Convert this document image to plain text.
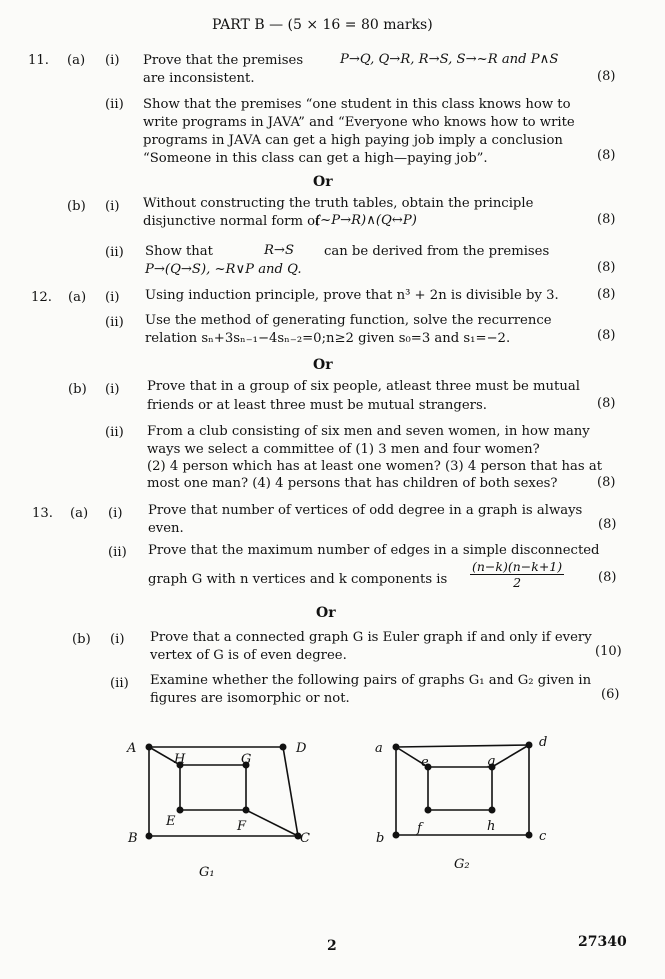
PART B — (5 × 16 = 80 marks)
11. (a) (i) Prove that the premises	P→Q, Q→R, R→S, S→~R and P∧S
are inconsistent.	(8)
(ii) Show that the premises “one student in this class knows how to
write programs in JAVA” and “Everyone who knows how to write
programs in JAVA can get a high paying job imply a conclusion
“Someone in this class can get a high—paying job”.	(8)
Or
(b) (i) Without constructing the truth tables, obtain the principle
disjunctive normal form of
(~P→R)∧(Q↔P)	(8)
(ii) Show that	R→S can be derived from the premises
P→(Q→S), ~R∨P and Q.	(8)
12. (a) (i) Using induction principle, prove that n³ + 2n is divisible by 3.	(8)
(ii) Use the method of generating function, solve the recurrence
relation sₙ+3sₙ₋₁−4sₙ₋₂=0;n≥2 given s₀=3 and s₁=−2.	(8)
Or
(b) (i) Prove that in a group of six people, atleast three must be mutual
friends or at least three must be mutual strangers.	(8)
(ii) From a club consisting of six men and seven women, in how many
ways we select a committee of (1) 3 men and four women?
(2) 4 person which has at least one women? (3) 4 person that has at
most one man? (4) 4 persons that has children of both sexes?	(8)
13. (a) (i) Prove that number of vertices of odd degree in a graph is always
even.	(8)
(ii) Prove that the maximum number of edges in a simple disconnected
graph G with n vertices and k components is $\frac{(n-k)(n-k+1)}{2}$	(8)
Or
(b) (i) Prove that a connected graph G is Euler graph if and only if every
vertex of G is of even degree.	(10)
(ii) Examine whether the following pairs of graphs G₁ and G₂ given in
figures are isomorphic or not.	(6)
A
H	G
D
E	F
B	C
G₁
a
e	g
d
f	h
b	c
G₂
2	27340
